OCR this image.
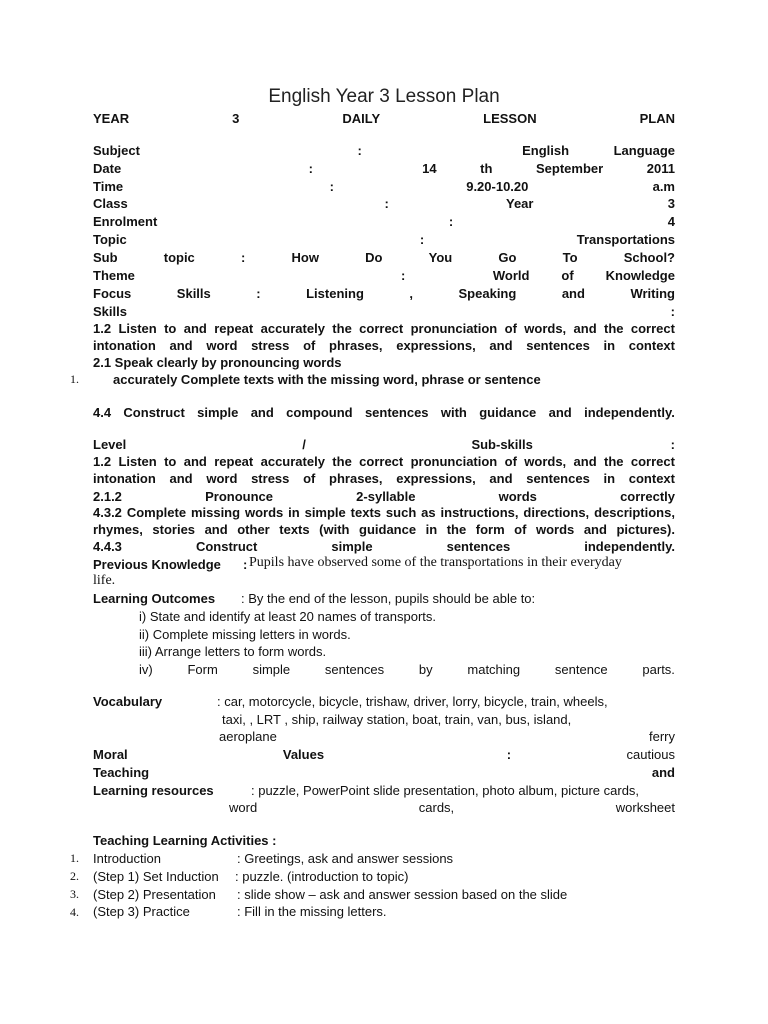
English Year 3 Lesson Plan
YEAR	3	DAILY	LESSON	PLAN
Subject	:	English	Language
Date	:	14	th	September	2011
Time	:	9.20-10.20	a.m
Class	:	Year	3
Enrolment	:	4
Topic	:	Transportations
Sub	topic	:	How	Do	You	Go	To	School?
Theme	:	World of Knowledge
Focus	Skills	:	Listening	,	Speaking	and	Writing
Skills	:
1.2 Listen to and repeat accurately the correct pronunciation of words, and the correct
intonation and word stress of phrases, expressions, and sentences in context
2.1 Speak clearly by pronouncing words
1.	accurately Complete texts with the missing word, phrase or sentence
4.4 Construct simple and compound sentences with guidance and independently.
Level	/	Sub-skills	:
1.2 Listen to and repeat accurately the correct pronunciation of words, and the correct
intonation and word stress of phrases, expressions, and sentences in context
2.1.2	Pronounce	2-syllable	words	correctly
4.3.2 Complete missing words in simple texts such as instructions, directions, descriptions,
rhymes, stories and other texts (with guidance in the form of words and pictures).
4.4.3	Construct	simple	sentences	independently.
Previous Knowledge : Pupils have observed some of the transportations in their everyday
life.
Learning Outcomes : By the end of the lesson, pupils should be able to:
i) State and identify at least 20 names of transports.
ii) Complete missing letters in words.
iii) Arrange letters to form words.
iv)	Form	simple	sentences	by	matching	sentence	parts.
Vocabulary	: car, motorcycle, bicycle, trishaw, driver, lorry, bicycle, train, wheels,
taxi, , LRT , ship, railway station, boat, train, van, bus, island,
aeroplane	ferry
Moral	Values	:	cautious
Teaching	and
Learning resources	: puzzle, PowerPoint slide presentation, photo album, picture cards,
word	cards,	worksheet
Teaching Learning Activities :
1. Introduction	: Greetings, ask and answer sessions
2. (Step 1) Set Induction : puzzle. (introduction to topic)
3. (Step 2) Presentation : slide show – ask and answer session based on the slide
4. (Step 3) Practice	: Fill in the missing letters.
